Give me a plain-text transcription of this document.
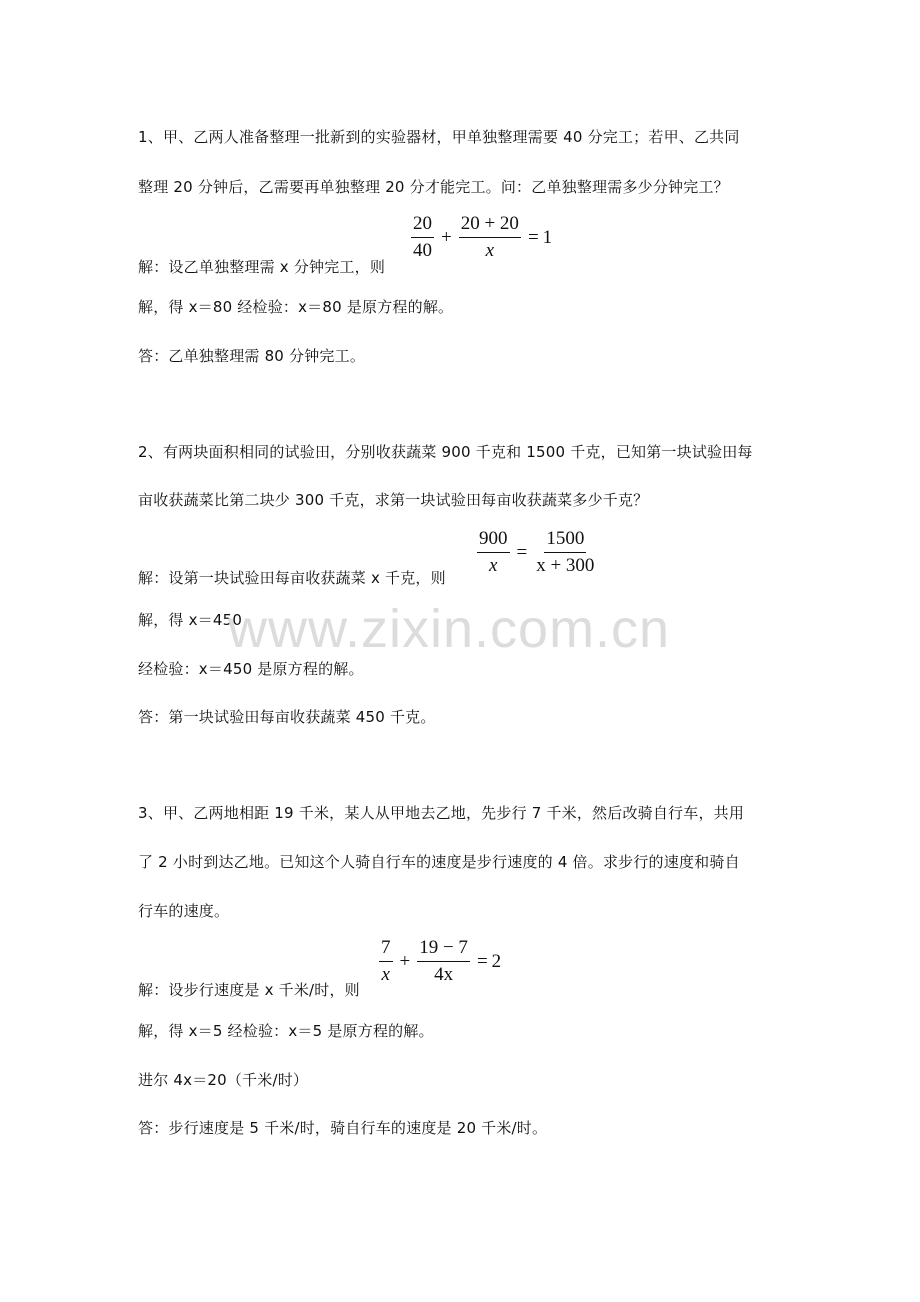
1、甲、乙两人准备整理一批新到的实验器材，甲单独整理需要 40 分完工；若甲、乙共同
整理 20 分钟后，乙需要再单独整理 20 分才能完工。问：乙单独整理需多少分钟完工？
解：设乙单独整理需 x 分钟完工，则
$\frac{20}{40} + \frac{20 + 20}{x} = 1$
解，得 x＝80 经检验：x＝80 是原方程的解。
答：乙单独整理需 80 分钟完工。
2、有两块面积相同的试验田，分别收获蔬菜 900 千克和 1500 千克，已知第一块试验田每
亩收获蔬菜比第二块少 300 千克，求第一块试验田每亩收获蔬菜多少千克？
解：设第一块试验田每亩收获蔬菜 x 千克，则
$\frac{900}{x} = \frac{1500}{x + 300}$
解，得 x＝450
经检验：x＝450 是原方程的解。
答：第一块试验田每亩收获蔬菜 450 千克。
3、甲、乙两地相距 19 千米，某人从甲地去乙地，先步行 7 千米，然后改骑自行车，共用
了 2 小时到达乙地。已知这个人骑自行车的速度是步行速度的 4 倍。求步行的速度和骑自
行车的速度。
解：设步行速度是 x 千米/时，则
$\frac{7}{x} + \frac{19 - 7}{4x} = 2$
解，得 x＝5 经检验：x＝5 是原方程的解。
进尔 4x＝20（千米/时）
答：步行速度是 5 千米/时，骑自行车的速度是 20 千米/时。
www.zixin.com.cn
